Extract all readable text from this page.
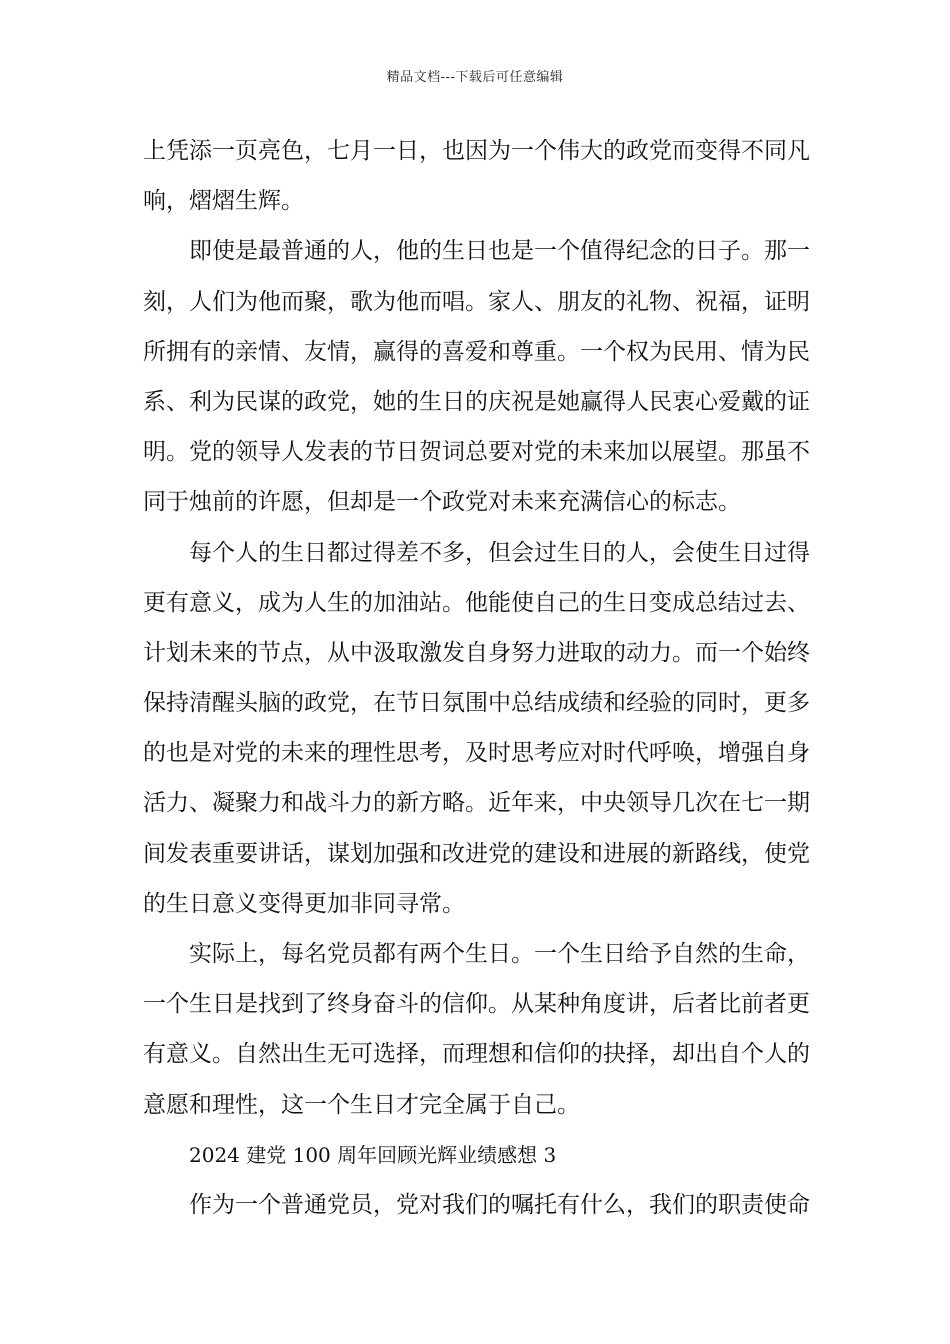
精品文档---下载后可任意编辑
上凭添一页亮色，七月一日，也因为一个伟大的政党而变得不同凡
响，熠熠生辉。
即使是最普通的人，他的生日也是一个值得纪念的日子。那一
刻，人们为他而聚，歌为他而唱。家人、朋友的礼物、祝福，证明
所拥有的亲情、友情，赢得的喜爱和尊重。一个权为民用、情为民
系、利为民谋的政党，她的生日的庆祝是她赢得人民衷心爱戴的证
明。党的领导人发表的节日贺词总要对党的未来加以展望。那虽不
同于烛前的许愿，但却是一个政党对未来充满信心的标志。
每个人的生日都过得差不多，但会过生日的人，会使生日过得
更有意义，成为人生的加油站。他能使自己的生日变成总结过去、
计划未来的节点，从中汲取激发自身努力进取的动力。而一个始终
保持清醒头脑的政党，在节日氛围中总结成绩和经验的同时，更多
的也是对党的未来的理性思考，及时思考应对时代呼唤，增强自身
活力、凝聚力和战斗力的新方略。近年来，中央领导几次在七一期
间发表重要讲话，谋划加强和改进党的建设和进展的新路线，使党
的生日意义变得更加非同寻常。
实际上，每名党员都有两个生日。一个生日给予自然的生命，
一个生日是找到了终身奋斗的信仰。从某种角度讲，后者比前者更
有意义。自然出生无可选择，而理想和信仰的抉择，却出自个人的
意愿和理性，这一个生日才完全属于自己。
2024 建党 100 周年回顾光辉业绩感想 3
作为一个普通党员，党对我们的嘱托有什么，我们的职责使命
